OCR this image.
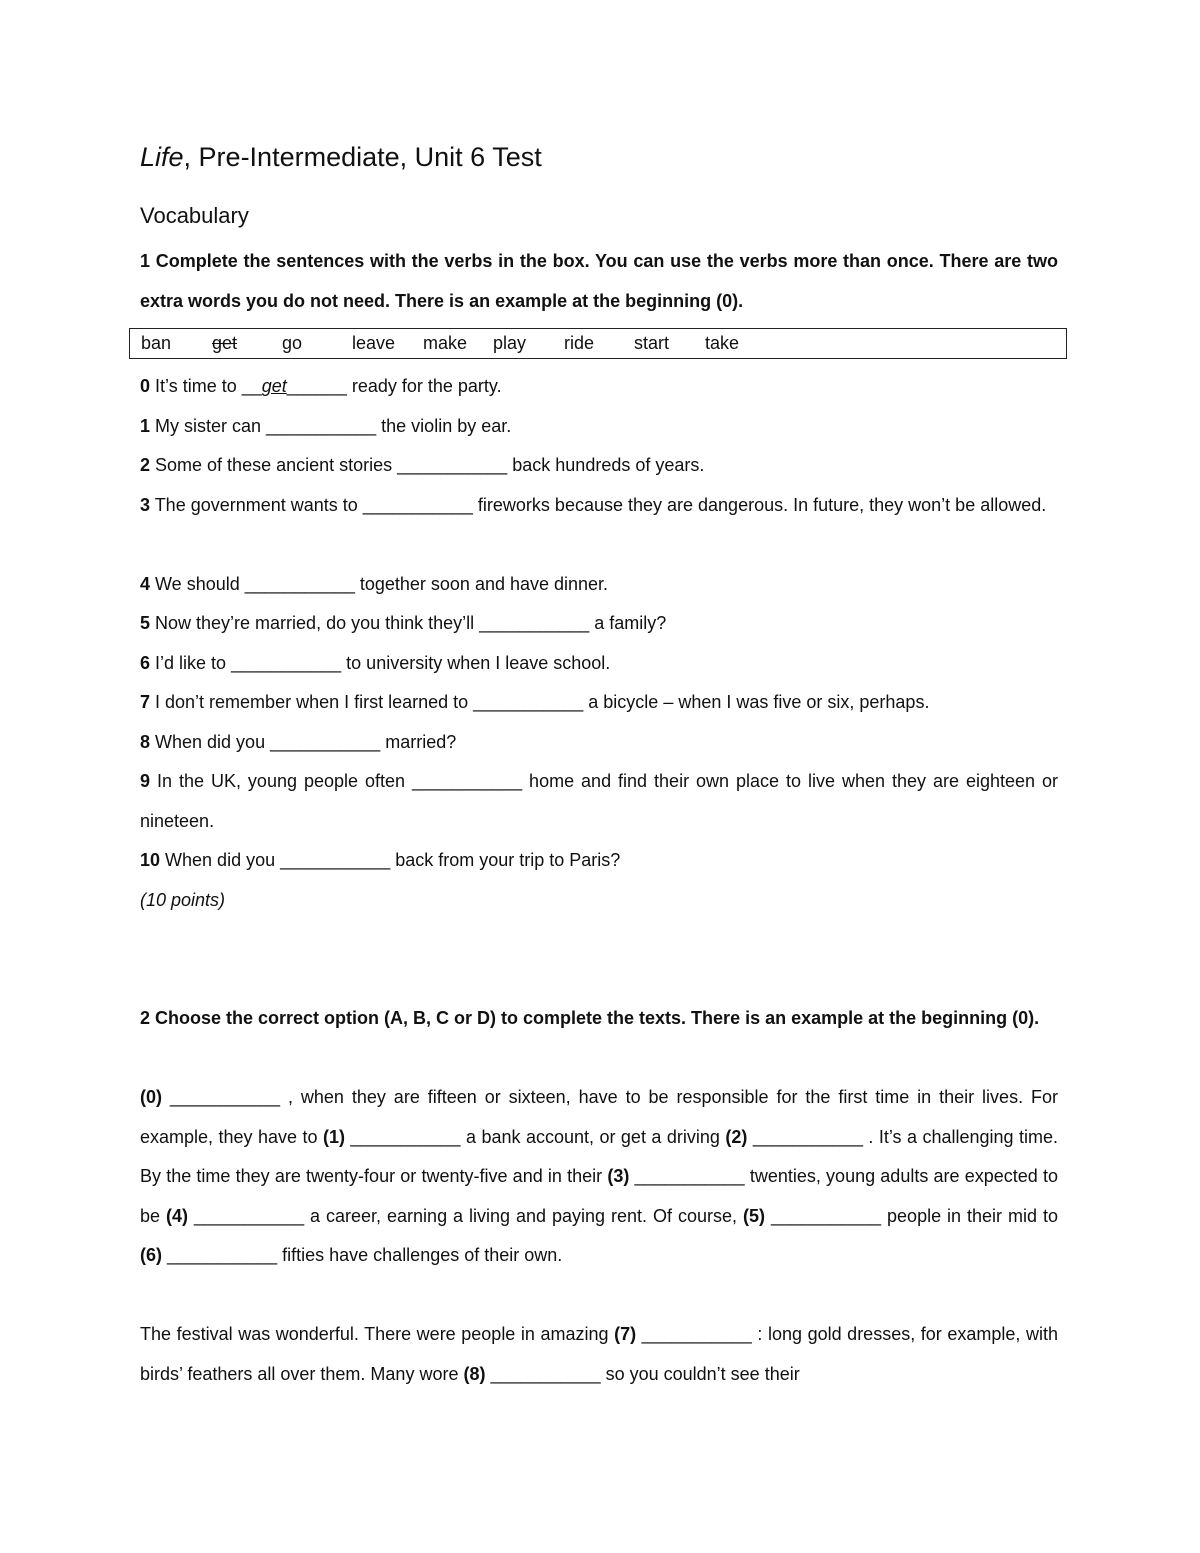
Life, Pre-Intermediate, Unit 6 Test
Vocabulary
1 Complete the sentences with the verbs in the box. You can use the verbs more than once. There are two extra words you do not need. There is an example at the beginning (0).
ban get go	leave make play ride start take
0 It’s time to __get______ ready for the party.
1 My sister can ___________ the violin by ear.
2 Some of these ancient stories ___________ back hundreds of years.
3 The government wants to ___________ fireworks because they are dangerous. In future, they won’t be allowed.
4 We should ___________ together soon and have dinner.
5 Now they’re married, do you think they’ll ___________ a family?
6 I’d like to ___________ to university when I leave school.
7 I don’t remember when I first learned to ___________ a bicycle – when I was five or six, perhaps.
8 When did you ___________ married?
9 In the UK, young people often ___________ home and find their own place to live when they are eighteen or nineteen.
10 When did you ___________ back from your trip to Paris?
(10 points)
2 Choose the correct option (A, B, C or D) to complete the texts. There is an example at the beginning (0).
(0) ___________ , when they are fifteen or sixteen, have to be responsible for the first time in their lives. For example, they have to (1) ___________ a bank account, or get a driving (2) ___________ . It’s a challenging time. By the time they are twenty-four or twenty-five and in their (3) ___________ twenties, young adults are expected to be (4) ___________ a career, earning a living and paying rent. Of course, (5) ___________ people in their mid to (6) ___________ fifties have challenges of their own.
The festival was wonderful. There were people in amazing (7) ___________ : long gold dresses, for example, with birds’ feathers all over them. Many wore (8) ___________ so you couldn’t see their
